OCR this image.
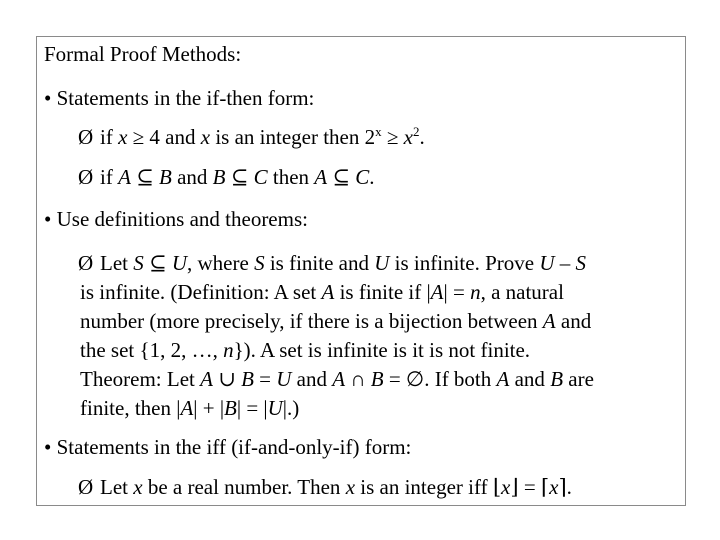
Formal Proof Methods:
• Statements in the if-then form:
Ø if x ≥ 4 and x is an integer then $2^x \ge x^2$.
Ø if A ⊆ B and B ⊆ C then A ⊆ C.
• Use definitions and theorems:
Ø Let S ⊆ U, where S is finite and U is infinite. Prove U – S
is infinite. (Definition: A set A is finite if |A| = n, a natural
number (more precisely, if there is a bijection between A and
the set {1, 2, …, n}). A set is infinite is it is not finite.
Theorem: Let A ∪ B = U and A ∩ B = ∅. If both A and B are
finite, then |A| + |B| = |U|.)
• Statements in the iff (if-and-only-if) form:
Ø Let x be a real number. Then x is an integer iff ⌊x⌋ = ⌈x⌉.
